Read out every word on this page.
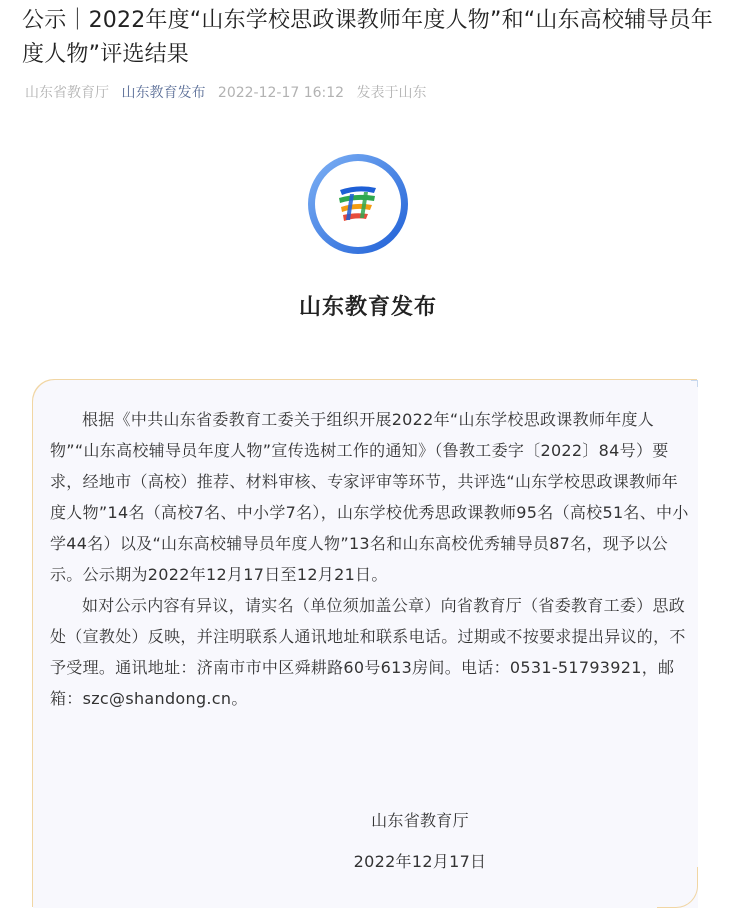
公示｜2022年度“山东学校思政课教师年度人物”和“山东高校辅导员年度人物”评选结果
山东省教育厅 山东教育发布 2022-12-17 16:12 发表于山东
山东教育发布

根据《中共山东省委教育工委关于组织开展2022年“山东学校思政课教师年度人物”“山东高校辅导员年度人物”宣传选树工作的通知》（鲁教工委字〔2022〕84号）要求，经地市（高校）推荐、材料审核、专家评审等环节，共评选“山东学校思政课教师年度人物”14名（高校7名、中小学7名），山东学校优秀思政课教师95名（高校51名、中小学44名）以及“山东高校辅导员年度人物”13名和山东高校优秀辅导员87名，现予以公示。公示期为2022年12月17日至12月21日。

如对公示内容有异议，请实名（单位须加盖公章）向省教育厅（省委教育工委）思政处（宣教处）反映，并注明联系人通讯地址和联系电话。过期或不按要求提出异议的，不予受理。通讯地址：济南市市中区舜耕路60号613房间。电话：0531-51793921，邮箱：szc@shandong.cn。

山东省教育厅
2022年12月17日
